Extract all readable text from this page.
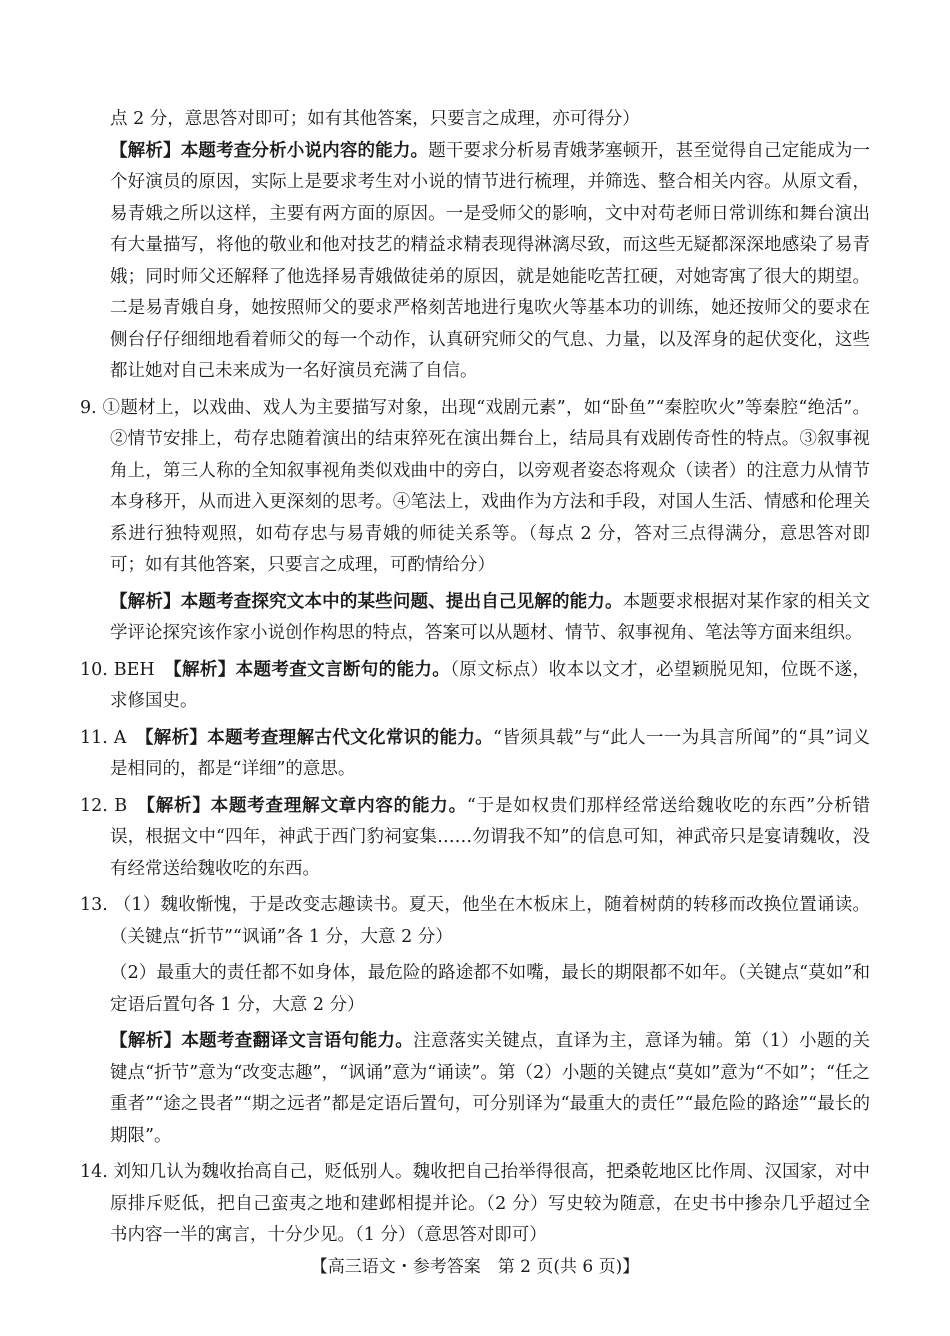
点 2 分，意思答对即可；如有其他答案，只要言之成理，亦可得分）

【解析】本题考查分析小说内容的能力。题干要求分析易青娥茅塞顿开，甚至觉得自己定能成为一个好演员的原因，实际上是要求考生对小说的情节进行梳理，并筛选、整合相关内容。从原文看，易青娥之所以这样，主要有两方面的原因。一是受师父的影响，文中对苟老师日常训练和舞台演出有大量描写，将他的敬业和他对技艺的精益求精表现得淋漓尽致，而这些无疑都深深地感染了易青娥；同时师父还解释了他选择易青娥做徒弟的原因，就是她能吃苦扛硬，对她寄寓了很大的期望。二是易青娥自身，她按照师父的要求严格刻苦地进行鬼吹火等基本功的训练，她还按师父的要求在侧台仔仔细细地看着师父的每一个动作，认真研究师父的气息、力量，以及浑身的起伏变化，这些都让她对自己未来成为一名好演员充满了自信。

9. ①题材上，以戏曲、戏人为主要描写对象，出现“戏剧元素”，如“卧鱼”“秦腔吹火”等秦腔“绝活”。②情节安排上，苟存忠随着演出的结束猝死在演出舞台上，结局具有戏剧传奇性的特点。③叙事视角上，第三人称的全知叙事视角类似戏曲中的旁白，以旁观者姿态将观众（读者）的注意力从情节本身移开，从而进入更深刻的思考。④笔法上，戏曲作为方法和手段，对国人生活、情感和伦理关系进行独特观照，如苟存忠与易青娥的师徒关系等。（每点 2 分，答对三点得满分，意思答对即可；如有其他答案，只要言之成理，可酌情给分）

【解析】本题考查探究文本中的某些问题、提出自己见解的能力。本题要求根据对某作家的相关文学评论探究该作家小说创作构思的特点，答案可以从题材、情节、叙事视角、笔法等方面来组织。

10. BEH　【解析】本题考查文言断句的能力。（原文标点）收本以文才，必望颖脱见知，位既不遂，求修国史。

11. A　【解析】本题考查理解古代文化常识的能力。“皆须具载”与“此人一一为具言所闻”的“具”词义是相同的，都是“详细”的意思。

12. B　【解析】本题考查理解文章内容的能力。“于是如权贵们那样经常送给魏收吃的东西”分析错误，根据文中“四年，神武于西门豹祠宴集……勿谓我不知”的信息可知，神武帝只是宴请魏收，没有经常送给魏收吃的东西。

13. （1）魏收惭愧，于是改变志趣读书。夏天，他坐在木板床上，随着树荫的转移而改换位置诵读。（关键点“折节”“讽诵”各 1 分，大意 2 分）

（2）最重大的责任都不如身体，最危险的路途都不如嘴，最长的期限都不如年。（关键点“莫如”和定语后置句各 1 分，大意 2 分）

【解析】本题考查翻译文言语句能力。注意落实关键点，直译为主，意译为辅。第（1）小题的关键点“折节”意为“改变志趣”，“讽诵”意为“诵读”。第（2）小题的关键点“莫如”意为“不如”；“任之重者”“途之畏者”“期之远者”都是定语后置句，可分别译为“最重大的责任”“最危险的路途”“最长的期限”。

14. 刘知几认为魏收抬高自己，贬低别人。魏收把自己抬举得很高，把桑乾地区比作周、汉国家，对中原排斥贬低，把自己蛮夷之地和建邺相提并论。（2 分）写史较为随意，在史书中掺杂几乎超过全书内容一半的寓言，十分少见。（1 分）（意思答对即可）

【高三语文・参考答案　第 2 页(共 6 页)】
